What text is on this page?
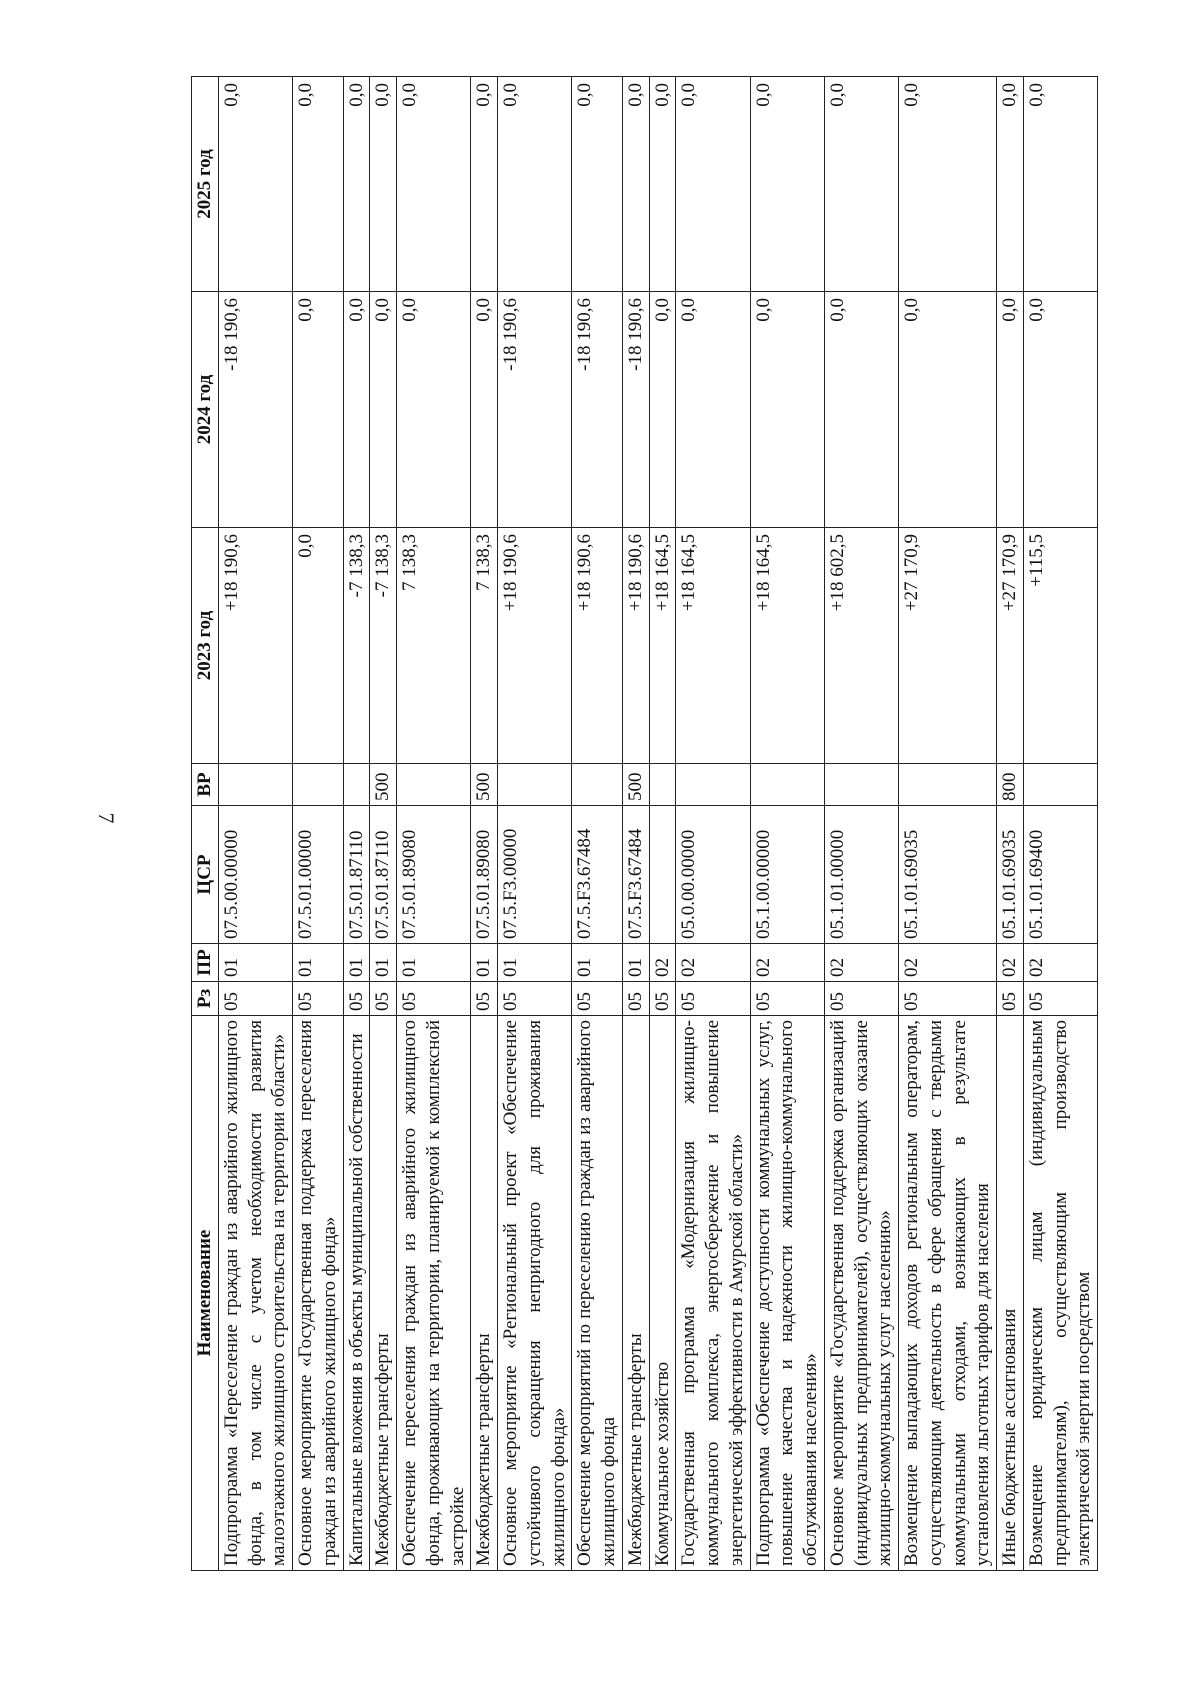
7
Наименование	Рз	ПР	ЦСР	ВР	2023 год	2024 год	2025 год
Подпрограмма «Переселение граждан из аварийного жилищного фонда, в том числе с учетом необходимости развития малоэтажного жилищного строительства на территории области»	05	01	07.5.00.00000		+18 190,6	-18 190,6	0,0
Основное мероприятие «Государственная поддержка переселения граждан из аварийного жилищного фонда»	05	01	07.5.01.00000		0,0	0,0	0,0
Капитальные вложения в объекты муниципальной собственности	05	01	07.5.01.87110		-7 138,3	0,0	0,0
Межбюджетные трансферты	05	01	07.5.01.87110	500	-7 138,3	0,0	0,0
Обеспечение переселения граждан из аварийного жилищного фонда, проживающих на территории, планируемой к комплексной застройке	05	01	07.5.01.89080		7 138,3	0,0	0,0
Межбюджетные трансферты	05	01	07.5.01.89080	500	7 138,3	0,0	0,0
Основное мероприятие «Региональный проект «Обеспечение устойчивого сокращения непригодного для проживания жилищного фонда»	05	01	07.5.F3.00000		+18 190,6	-18 190,6	0,0
Обеспечение мероприятий по переселению граждан из аварийного жилищного фонда	05	01	07.5.F3.67484		+18 190,6	-18 190,6	0,0
Межбюджетные трансферты	05	01	07.5.F3.67484	500	+18 190,6	-18 190,6	0,0
Коммунальное хозяйство	05	02			+18 164,5	0,0	0,0
Государственная программа «Модернизация жилищно-коммунального комплекса, энергосбережение и повышение энергетической эффективности в Амурской области»	05	02	05.0.00.00000		+18 164,5	0,0	0,0
Подпрограмма «Обеспечение доступности коммунальных услуг, повышение качества и надежности жилищно-коммунального обслуживания населения»	05	02	05.1.00.00000		+18 164,5	0,0	0,0
Основное мероприятие «Государственная поддержка организаций (индивидуальных предпринимателей), осуществляющих оказание жилищно-коммунальных услуг населению»	05	02	05.1.01.00000		+18 602,5	0,0	0,0
Возмещение выпадающих доходов региональным операторам, осуществляющим деятельность в сфере обращения с твердыми коммунальными отходами, возникающих в результате установления льготных тарифов для населения	05	02	05.1.01.69035		+27 170,9	0,0	0,0
Иные бюджетные ассигнования	05	02	05.1.01.69035	800	+27 170,9	0,0	0,0
Возмещение юридическим лицам (индивидуальным предпринимателям), осуществляющим производство электрической энергии посредством	05	02	05.1.01.69400		+115,5	0,0	0,0
